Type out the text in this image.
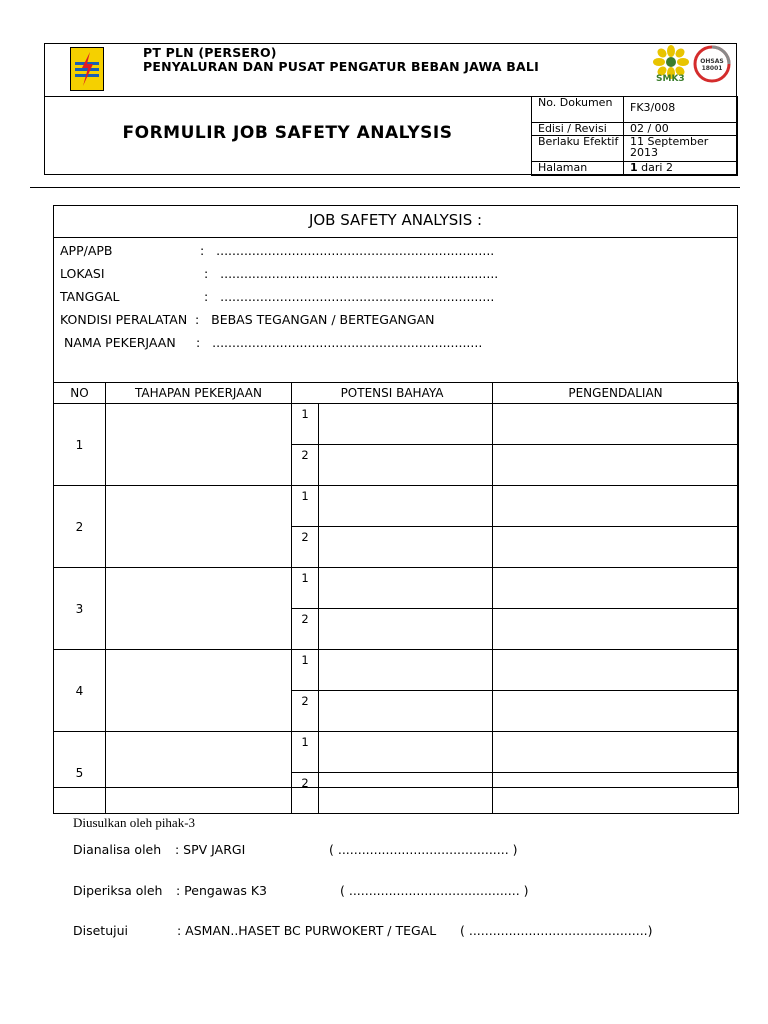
PT PLN (PERSERO)
PENYALURAN DAN PUSAT PENGATUR BEBAN JAWA BALI
SMK3
OHSAS 18001
FORMULIR JOB SAFETY ANALYSIS
No. Dokumen	FK3/008
Edisi / Revisi	02 / 00
Berlaku Efektif	11 September 2013
Halaman	1 dari 2
JOB SAFETY ANALYSIS :
APP/APB	:   ......................................................................
LOKASI	:   ......................................................................
TANGGAL	:   .....................................................................
KONDISI PERALATAN :   BEBAS TEGANGAN / BERTEGANGAN
NAMA PEKERJAAN :   ....................................................................
NO	TAHAPAN PEKERJAAN	POTENSI BAHAYA		PENGENDALIAN
1		1		
		2		
2		1		
		2		
3		1		
		2		
4		1		
		2		
5		1		
		2		
Diusulkan oleh pihak-3
Dianalisa oleh : SPV JARGI	( ........................................... )
Diperiksa oleh : Pengawas K3	( ........................................... )
Disetujui	: ASMAN..HASET BC PURWOKERT / TEGAL ( .............................................)
